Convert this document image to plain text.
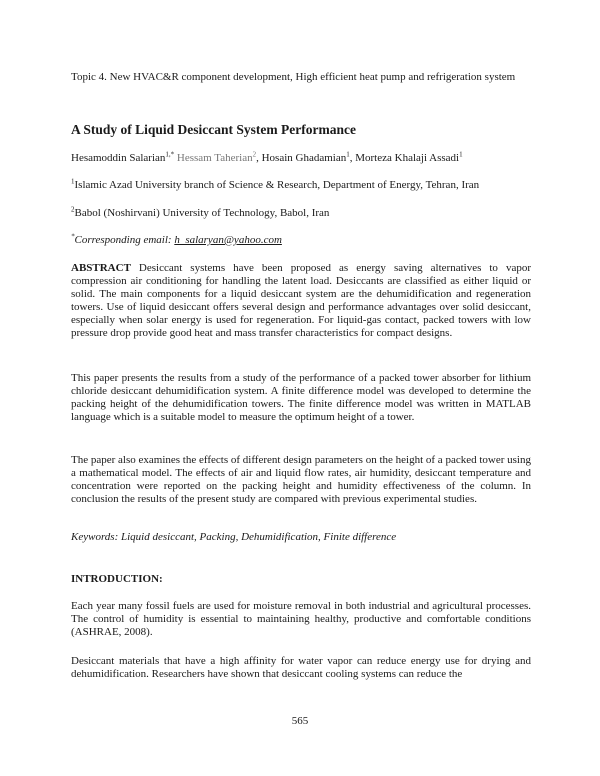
Topic 4. New HVAC&R component development, High efficient heat pump and refrigeration system
A Study of Liquid Desiccant System Performance
Hesamoddin Salarian$^{1,*}$ Hessam Taherian$^2$, Hosain Ghadamian$^1$, Morteza Khalaji Assadi$^1$
$^1$Islamic Azad University branch of Science & Research, Department of Energy, Tehran, Iran
$^2$Babol (Noshirvani) University of Technology, Babol, Iran
*Corresponding email: h_salaryan@yahoo.com
ABSTRACT Desiccant systems have been proposed as energy saving alternatives to vapor compression air conditioning for handling the latent load. Desiccants are classified as either liquid or solid. The main components for a liquid desiccant system are the dehumidification and regeneration towers. Use of liquid desiccant offers several design and performance advantages over solid desiccant, especially when solar energy is used for regeneration. For liquid-gas contact, packed towers with low pressure drop provide good heat and mass transfer characteristics for compact designs.
This paper presents the results from a study of the performance of a packed tower absorber for lithium chloride desiccant dehumidification system. A finite difference model was developed to determine the packing height of the dehumidification towers. The finite difference model was written in MATLAB language which is a suitable model to measure the optimum height of a tower.
The paper also examines the effects of different design parameters on the height of a packed tower using a mathematical model. The effects of air and liquid flow rates, air humidity, desiccant temperature and concentration were reported on the packing height and humidity effectiveness of the column. In conclusion the results of the present study are compared with previous experimental studies.
Keywords: Liquid desiccant, Packing, Dehumidification, Finite difference
INTRODUCTION:
Each year many fossil fuels are used for moisture removal in both industrial and agricultural processes. The control of humidity is essential to maintaining healthy, productive and comfortable conditions (ASHRAE, 2008).
Desiccant materials that have a high affinity for water vapor can reduce energy use for drying and dehumidification. Researchers have shown that desiccant cooling systems can reduce the
565
